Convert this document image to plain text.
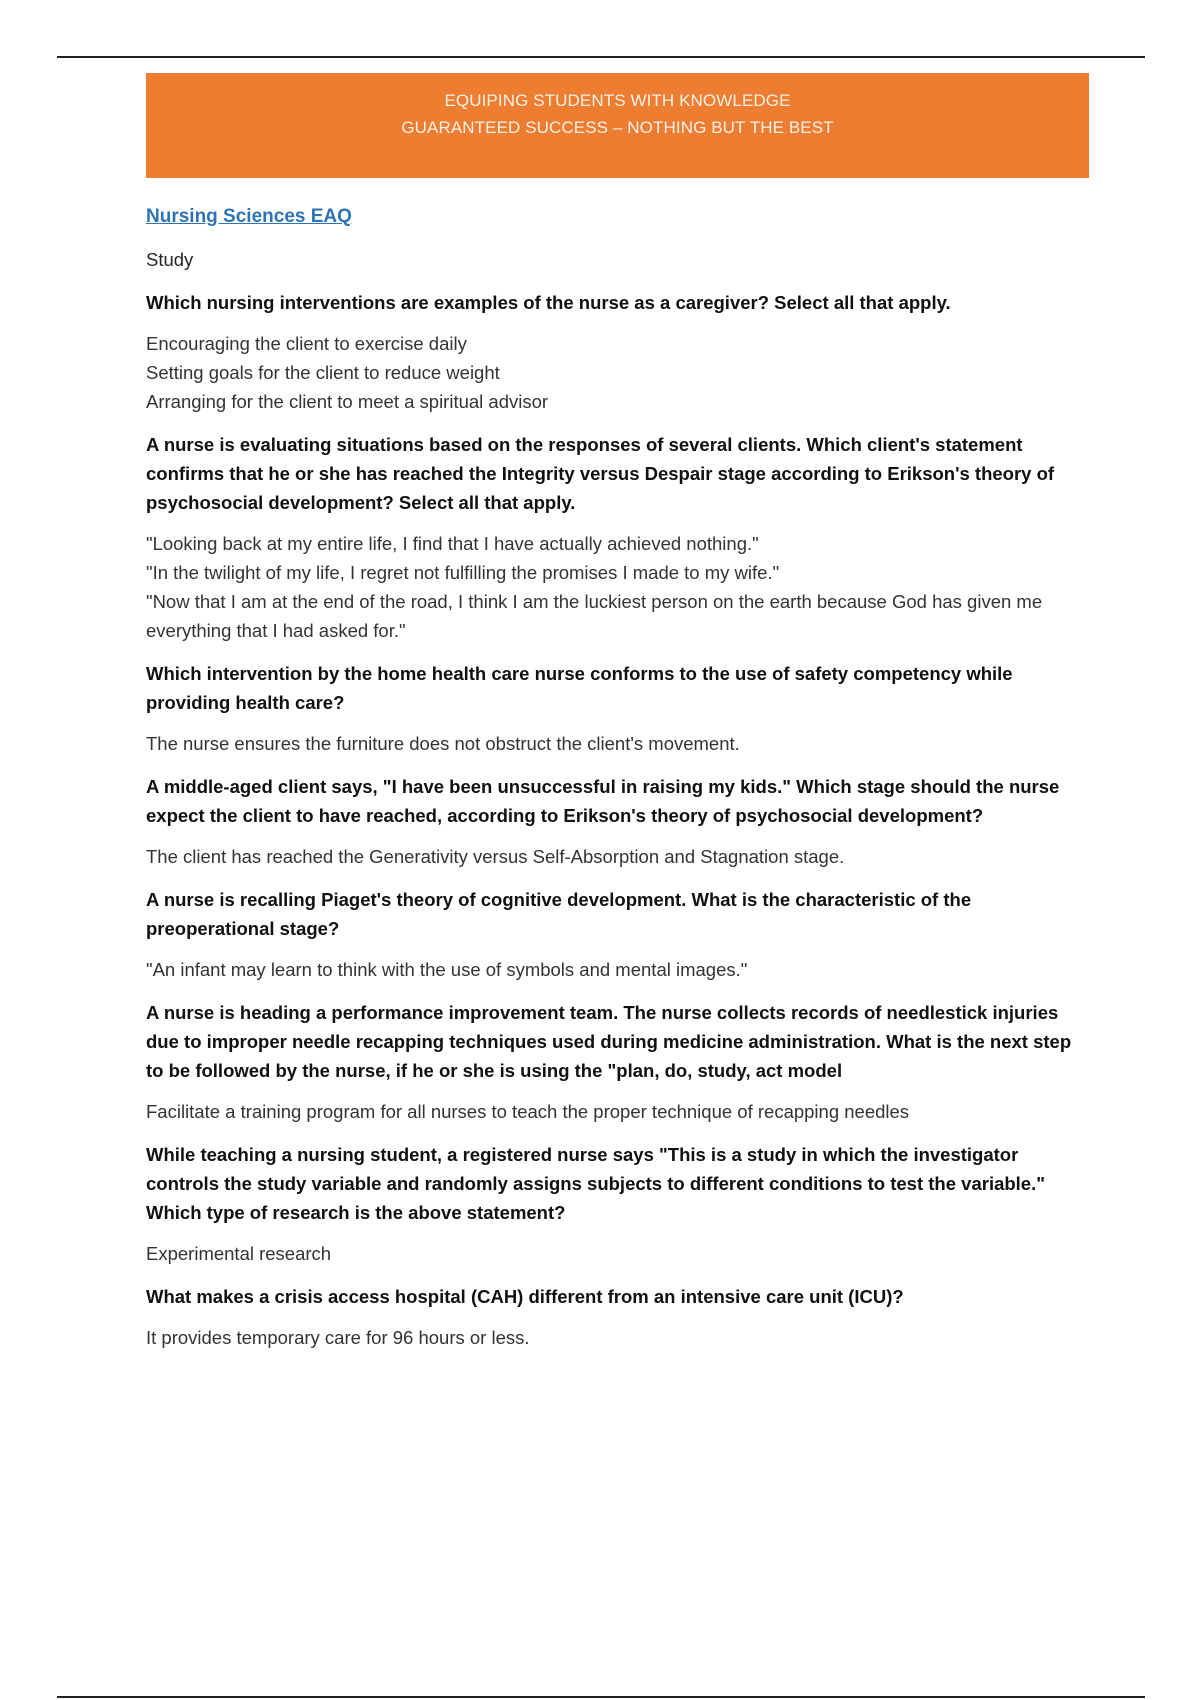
EQUIPING STUDENTS WITH KNOWLEDGE
GUARANTEED SUCCESS – NOTHING BUT THE BEST
Nursing Sciences EAQ
Study
Which nursing interventions are examples of the nurse as a caregiver? Select all that apply.
Encouraging the client to exercise daily
Setting goals for the client to reduce weight
Arranging for the client to meet a spiritual advisor
A nurse is evaluating situations based on the responses of several clients. Which client's statement confirms that he or she has reached the Integrity versus Despair stage according to Erikson's theory of psychosocial development? Select all that apply.
"Looking back at my entire life, I find that I have actually achieved nothing."
"In the twilight of my life, I regret not fulfilling the promises I made to my wife."
"Now that I am at the end of the road, I think I am the luckiest person on the earth because God has given me everything that I had asked for."
Which intervention by the home health care nurse conforms to the use of safety competency while providing health care?
The nurse ensures the furniture does not obstruct the client's movement.
A middle-aged client says, "I have been unsuccessful in raising my kids." Which stage should the nurse expect the client to have reached, according to Erikson's theory of psychosocial development?
The client has reached the Generativity versus Self-Absorption and Stagnation stage.
A nurse is recalling Piaget's theory of cognitive development. What is the characteristic of the preoperational stage?
"An infant may learn to think with the use of symbols and mental images."
A nurse is heading a performance improvement team. The nurse collects records of needlestick injuries due to improper needle recapping techniques used during medicine administration. What is the next step to be followed by the nurse, if he or she is using the "plan, do, study, act model
Facilitate a training program for all nurses to teach the proper technique of recapping needles
While teaching a nursing student, a registered nurse says "This is a study in which the investigator controls the study variable and randomly assigns subjects to different conditions to test the variable." Which type of research is the above statement?
Experimental research
What makes a crisis access hospital (CAH) different from an intensive care unit (ICU)?
It provides temporary care for 96 hours or less.
